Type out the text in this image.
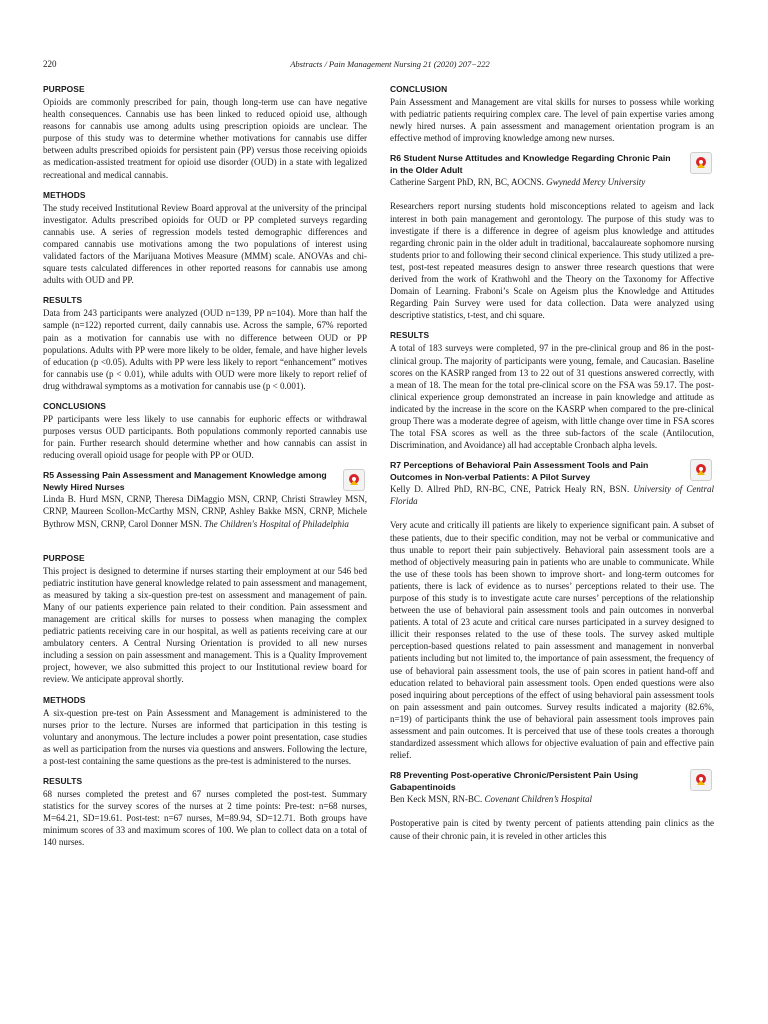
220	Abstracts / Pain Management Nursing 21 (2020) 207−222
PURPOSE

Opioids are commonly prescribed for pain, though long-term use can have negative health consequences. Cannabis use has been linked to reduced opioid use, although reasons for cannabis use among adults using prescription opioids are unclear. The purpose of this study was to determine whether motivations for cannabis use differ between adults prescribed opioids for persistent pain (PP) versus those receiving opioids as medication-assisted treatment for opioid use disorder (OUD) in a state with legalized recreational and medical cannabis.

METHODS

The study received Institutional Review Board approval at the university of the principal investigator. Adults prescribed opioids for OUD or PP completed surveys regarding cannabis use. A series of regression models tested demographic differences and compared cannabis use motivations among the two populations of interest using validated factors of the Marijuana Motives Measure (MMM) scale. ANOVAs and chi-square tests calculated differences in other reported reasons for cannabis use among adults with OUD and PP.

RESULTS

Data from 243 participants were analyzed (OUD n=139, PP n=104). More than half the sample (n=122) reported current, daily cannabis use. Across the sample, 67% reported pain as a motivation for cannabis use with no difference between OUD or PP populations. Adults with PP were more likely to be older, female, and have higher levels of education (p <0.05). Adults with PP were less likely to report “enhancement” motives for cannabis use (p < 0.01), while adults with OUD were more likely to report relief of drug withdrawal symptoms as a motivation for cannabis use (p < 0.001).

CONCLUSIONS

PP participants were less likely to use cannabis for euphoric effects or withdrawal purposes versus OUD participants. Both populations commonly reported cannabis use for pain. Further research should determine whether and how cannabis can assist in reducing overall opioid usage for people with PP or OUD.

R5 Assessing Pain Assessment and Management Knowledge among Newly Hired Nurses

Linda B. Hurd MSN, CRNP, Theresa DiMaggio MSN, CRNP, Christi Strawley MSN, CRNP, Maureen Scollon-McCarthy MSN, CRNP, Ashley Bakke MSN, CRNP, Michele Bythrow MSN, CRNP, Carol Donner MSN. The Children's Hospital of Philadelphia

PURPOSE

This project is designed to determine if nurses starting their employment at our 546 bed pediatric institution have general knowledge related to pain assessment and management, as measured by taking a six-question pre-test on assessment and management of pain. Many of our patients experience pain related to their condition. Pain assessment and management are critical skills for nurses to possess when managing the complex pediatric patients receiving care in our hospital, as well as patients receiving care at our ambulatory centers. A Central Nursing Orientation is provided to all new nurses including a session on pain assessment and management. This is a Quality Improvement project, however, we also submitted this project to our Institutional review board for review. We anticipate approval shortly.

METHODS

A six-question pre-test on Pain Assessment and Management is administered to the nurses prior to the lecture. Nurses are informed that participation in this testing is voluntary and anonymous. The lecture includes a power point presentation, case studies as well as participation from the nurses via questions and answers. Following the lecture, a post-test containing the same questions as the pre-test is administered to the nurses.

RESULTS

68 nurses completed the pretest and 67 nurses completed the post-test. Summary statistics for the survey scores of the nurses at 2 time points: Pre-test: n=68 nurses, M=64.21, SD=19.61. Post-test: n=67 nurses, M=89.94, SD=12.71. Both groups have minimum scores of 33 and maximum scores of 100. We plan to collect data on a total of 140 nurses.

CONCLUSION

Pain Assessment and Management are vital skills for nurses to possess while working with pediatric patients requiring complex care. The level of pain expertise varies among newly hired nurses. A pain assessment and management orientation program is an effective method of improving knowledge among new nurses.

R6 Student Nurse Attitudes and Knowledge Regarding Chronic Pain in the Older Adult

Catherine Sargent PhD, RN, BC, AOCNS. Gwynedd Mercy University

Researchers report nursing students hold misconceptions related to ageism and lack interest in both pain management and gerontology. The purpose of this study was to investigate if there is a difference in degree of ageism plus knowledge and attitudes regarding chronic pain in the older adult in traditional, baccalaureate sophomore nursing students prior to and following their second clinical experience. This study utilized a pre-test, post-test repeated measures design to answer three research questions that were derived from the work of Krathwohl and the Theory on the Taxonomy for Affective Domain of Learning. Fraboni’s Scale on Ageism plus the Knowledge and Attitudes Regarding Pain Survey were used for data collection. Data were analyzed using descriptive statistics, t-test, and chi square.

RESULTS

A total of 183 surveys were completed, 97 in the pre-clinical group and 86 in the post-clinical group. The majority of participants were young, female, and Caucasian. Baseline scores on the KASRP ranged from 13 to 22 out of 31 questions answered correctly, with a mean of 18. The mean for the total pre-clinical score on the FSA was 59.17. The post-clinical experience group demonstrated an increase in pain knowledge and attitude as indicated by the increase in the score on the KASRP when compared to the pre-clinical group There was a moderate degree of ageism, with little change over time in FSA scores The total FSA scores as well as the three sub-factors of the scale (Antilocution, Discrimination, and Avoidance) all had acceptable Cronbach alpha levels.

R7 Perceptions of Behavioral Pain Assessment Tools and Pain Outcomes in Non-verbal Patients: A Pilot Survey

Kelly D. Allred PhD, RN-BC, CNE, Patrick Healy RN, BSN. University of Central Florida

Very acute and critically ill patients are likely to experience significant pain. A subset of these patients, due to their specific condition, may not be verbal or communicative and thus unable to report their pain subjectively. Behavioral pain assessment tools are a method of objectively measuring pain in patients who are unable to communicate. While the use of these tools has been shown to improve short- and long-term outcomes for patients, there is lack of evidence as to nurses’ perceptions related to their use. The purpose of this study is to investigate acute care nurses’ perceptions of the relationship between the use of behavioral pain assessment tools and pain outcomes in nonverbal patients. A total of 23 acute and critical care nurses participated in a survey designed to illicit their responses related to the use of these tools. The survey asked multiple perception-based questions related to pain assessment and management in nonverbal patients including but not limited to, the importance of pain assessment, the frequency of use of behavioral pain assessment tools, the use of pain scores in patient hand-off and education related to behavioral pain assessment tools. Open ended questions were also posed inquiring about perceptions of the effect of using behavioral pain assessment tools on pain assessment and pain outcomes. Survey results indicated a majority (82.6%, n=19) of participants think the use of behavioral pain assessment tools improves pain assessment and pain outcomes. It is perceived that use of these tools creates a thorough standardized assessment which allows for objective evaluation of pain and effective pain relief.

R8 Preventing Post-operative Chronic/Persistent Pain Using Gabapentinoids

Ben Keck MSN, RN-BC. Covenant Children’s Hospital

Postoperative pain is cited by twenty percent of patients attending pain clinics as the cause of their chronic pain, it is reveled in other articles this
